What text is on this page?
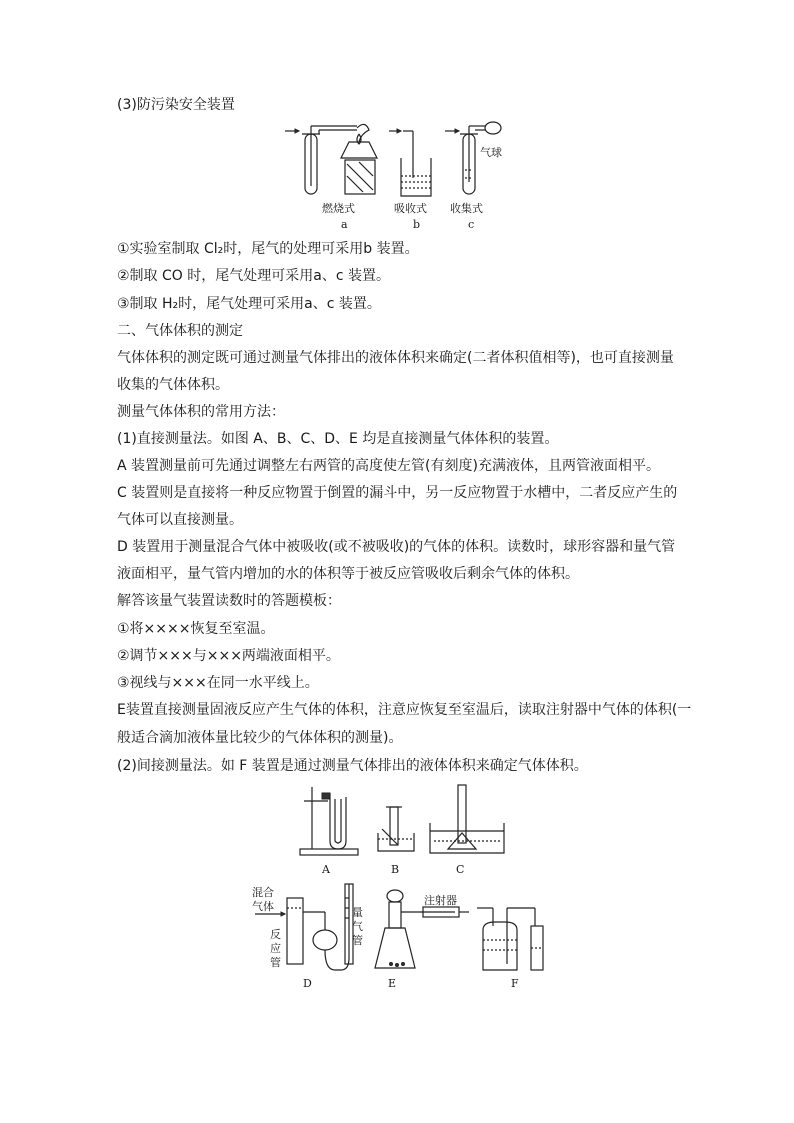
(3)防污染安全装置
气球
燃烧式	吸收式 收集式
a	b	c
①实验室制取 Cl₂时，尾气的处理可采用b 装置。
②制取 CO 时，尾气处理可采用a、c 装置。
③制取 H₂时，尾气处理可采用a、c 装置。
二、气体体积的测定
气体体积的测定既可通过测量气体排出的液体体积来确定(二者体积值相等)，也可直接测量
收集的气体体积。
测量气体体积的常用方法：
(1)直接测量法。如图 A、B、C、D、E 均是直接测量气体体积的装置。
A 装置测量前可先通过调整左右两管的高度使左管(有刻度)充满液体，且两管液面相平。
C 装置则是直接将一种反应物置于倒置的漏斗中，另一反应物置于水槽中，二者反应产生的
气体可以直接测量。
D 装置用于测量混合气体中被吸收(或不被吸收)的气体的体积。读数时，球形容器和量气管
液面相平，量气管内增加的水的体积等于被反应管吸收后剩余气体的体积。
解答该量气装置读数时的答题模板：
①将××××恢复至室温。
②调节×××与×××两端液面相平。
③视线与×××在同一水平线上。
E装置直接测量固液反应产生气体的体积，注意应恢复至室温后，读取注射器中气体的体积(一
般适合滴加液体量比较少的气体体积的测量)。
(2)间接测量法。如 F 装置是通过测量气体排出的液体体积来确定气体体积。
A	B	C
混合
气体
反
应
管
量
气
管
注射器
D	E	F
